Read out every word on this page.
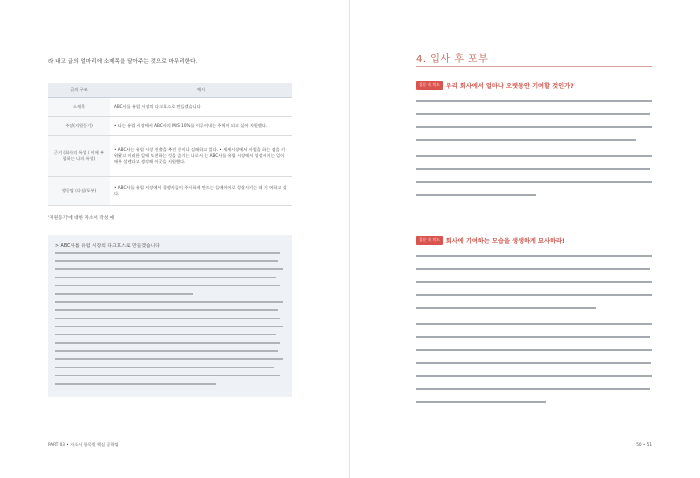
라 내고 글의 얼마리에 소제목을 달아주는 것으로 마무리한다.
글의 구조	예시
소제목	ABC사를 유럽 시장의 다크호스로 만들겠습니다
주장(지원동기)	• 나는 유럽 시장에서 ABC사의 M/S 10%를 이루어내는 주역이 되고 싶어 지원했다.
근거 (회사의 특성 / 이에 부합하는 나의 특성)	• ABC사는 유럽 시장 진출을 추진 중이나 실패하고 있다. • 세계시장에서 사업을 하는 점을 키워왔고 이러한 일에 도전하는 것을 즐기는 나로서 는 ABC사를 유럽 시장에서 성장시키는 일이 매우 설렌다고 생각해 이곳을 지원했다.
행동탑 (다짐/포부)	• ABC사를 유럽 시장에서 경쟁사들이 주시하게 만드는 들에이어로 성장시키는 데 기 여하고 싶다.
'지원동기'에 대한 자소서 작성 예
> ABC사를 유럽 시장의 다크호스로 만들겠습니다
PART 03 • 자소서 항목별 핵심 공략법
4. 입사 후 포부
질문 속 의도 우리 회사에서 얼마나 오랫동안 기여할 것인가?
질문 속 의도 회사에 기여하는 모습을 생생하게 묘사하라!
50 • 51
